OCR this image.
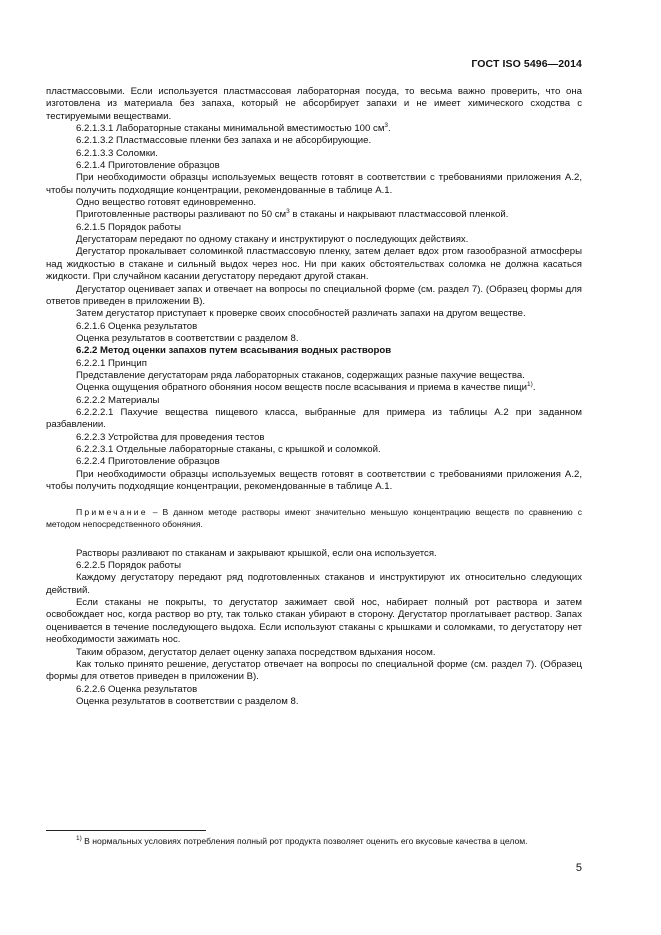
ГОСТ ISO 5496—2014

пластмассовыми. Если используется пластмассовая лабораторная посуда, то весьма важно проверить, что она изготовлена из материала без запаха, который не абсорбирует запахи и не имеет химического сходства с тестируемыми веществами.

6.2.1.3.1 Лабораторные стаканы минимальной вместимостью 100 $см^3$.

6.2.1.3.2 Пластмассовые пленки без запаха и не абсорбирующие.

6.2.1.3.3 Соломки.

6.2.1.4 Приготовление образцов

При необходимости образцы используемых веществ готовят в соответствии с требованиями приложения А.2, чтобы получить подходящие концентрации, рекомендованные в таблице А.1.

Одно вещество готовят единовременно.

Приготовленные растворы разливают по 50 $см^3$ в стаканы и накрывают пластмассовой пленкой.

6.2.1.5 Порядок работы

Дегустаторам передают по одному стакану и инструктируют о последующих действиях.

Дегустатор прокалывает соломинкой пластмассовую пленку, затем делает вдох ртом газообразной атмосферы над жидкостью в стакане и сильный выдох через нос. Ни при каких обстоятельствах соломка не должна касаться жидкости. При случайном касании дегустатору передают другой стакан.

Дегустатор оценивает запах и отвечает на вопросы по специальной форме (см. раздел 7). (Образец формы для ответов приведен в приложении В).

Затем дегустатор приступает к проверке своих способностей различать запахи на другом веществе.

6.2.1.6 Оценка результатов

Оценка результатов в соответствии с разделом 8.

6.2.2 Метод оценки запахов путем всасывания водных растворов

6.2.2.1 Принцип

Представление дегустаторам ряда лабораторных стаканов, содержащих разные пахучие вещества.

Оценка ощущения обратного обоняния носом веществ после всасывания и приема в качестве пищи$^{1)}$.

6.2.2.2 Материалы

6.2.2.2.1 Пахучие вещества пищевого класса, выбранные для примера из таблицы А.2 при заданном разбавлении.

6.2.2.3 Устройства для проведения тестов

6.2.2.3.1 Отдельные лабораторные стаканы, с крышкой и соломкой.

6.2.2.4 Приготовление образцов

При необходимости образцы используемых веществ готовят в соответствии с требованиями приложения А.2, чтобы получить подходящие концентрации, рекомендованные в таблице А.1.

Примечание – В данном методе растворы имеют значительно меньшую концентрацию веществ по сравнению с методом непосредственного обоняния.

Растворы разливают по стаканам и закрывают крышкой, если она используется.

6.2.2.5 Порядок работы

Каждому дегустатору передают ряд подготовленных стаканов и инструктируют их относительно следующих действий.

Если стаканы не покрыты, то дегустатор зажимает свой нос, набирает полный рот раствора и затем освобождает нос, когда раствор во рту, так только стакан убирают в сторону. Дегустатор проглатывает раствор. Запах оценивается в течение последующего выдоха. Если используют стаканы с крышками и соломками, то дегустатору нет необходимости зажимать нос.

Таким образом, дегустатор делает оценку запаха посредством вдыхания носом.

Как только принято решение, дегустатор отвечает на вопросы по специальной форме (см. раздел 7). (Образец формы для ответов приведен в приложении В).

6.2.2.6 Оценка результатов

Оценка результатов в соответствии с разделом 8.

$^{1)}$ В нормальных условиях потребления полный рот продукта позволяет оценить его вкусовые качества в целом.

5
